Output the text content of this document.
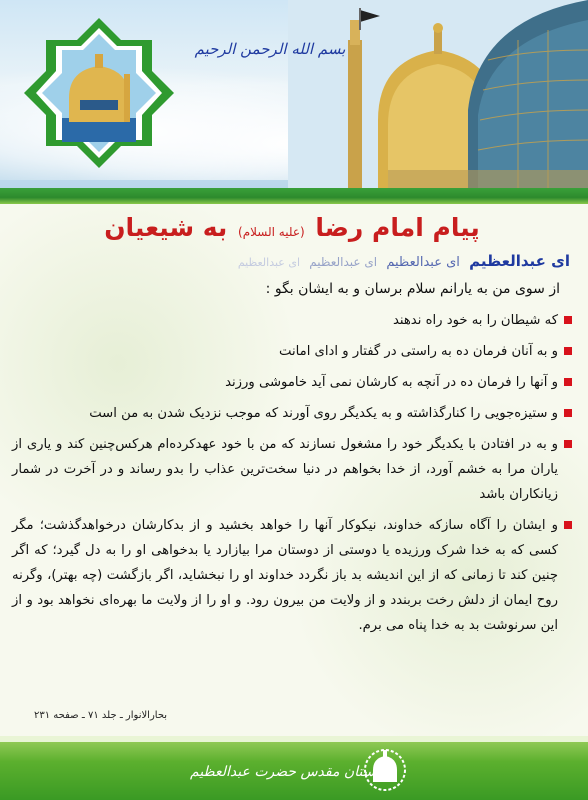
بسم الله الرحمن الرحیم
پیام امام رضا (علیه السلام) به شیعیان
ای عبدالعظیم ای عبدالعظیم ای عبدالعظیم ای عبدالعظیم
از سوی من به یارانم سلام برسان و به ایشان بگو :
که شیطان را به خود راه ندهند
و به آنان فرمان ده به راستی در گفتار و ادای امانت
و آنها را فرمان ده در آنچه به کارشان نمی آید خاموشی ورزند
و ستیزه‌جویی را کنارگذاشته و به یکدیگر روی آورند که موجب نزدیک شدن به من است
و به در افتادن با یکدیگر خود را مشغول نسازند که من با خود عهدکرده‌ام هرکس‌چنین کند و یاری از یاران مرا به خشم آورد، از خدا بخواهم در دنیا سخت‌ترین عذاب را بدو رساند و در آخرت در شمار زیانکاران باشد
و ایشان را آگاه سازکه خداوند، نیکوکار آنها را خواهد بخشید و از بدکارشان در‌خواهد‌گذشت؛ مگر کسی که به خدا شرک ورزیده یا دوستی از دوستان مرا بیازارد یا بدخواهی او را به دل گیرد؛ که اگر چنین کند تا زمانی که از این اندیشه بد باز نگردد خداوند او را نبخشاید، اگر بازگشت (چه بهتر)، وگرنه روح ایمان از دلش رخت بربندد و از ولایت من بیرون رود. و او را از ولایت ما بهره‌ای نخواهد بود و از این سرنوشت بد به خدا پناه می برم.
بحارالانوار ـ جلد ۷۱ ـ صفحه ۲۳۱
آستان مقدس حضرت عبدالعظیم
